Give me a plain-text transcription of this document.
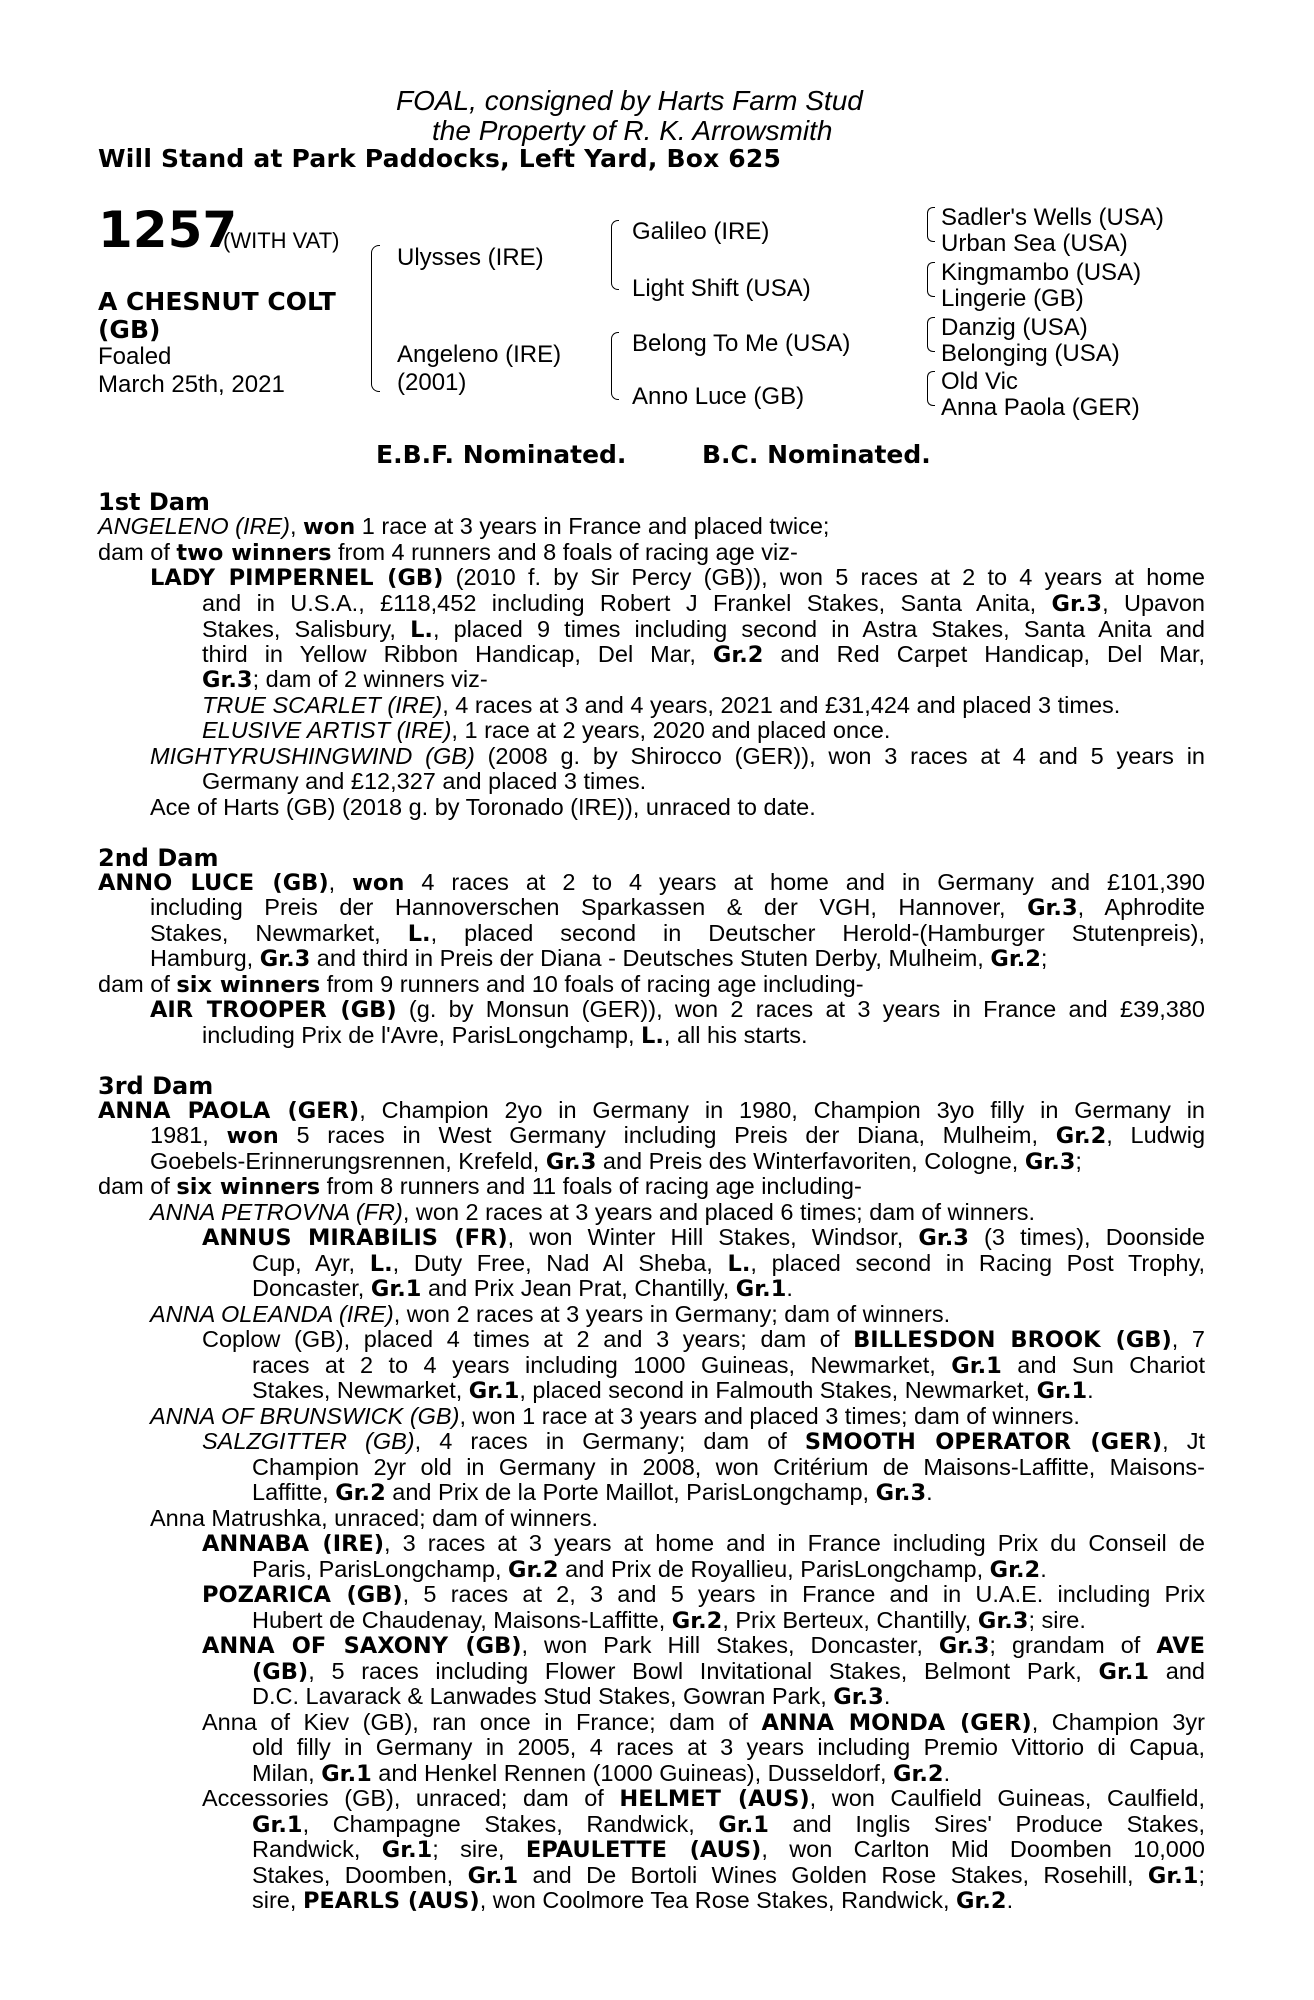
FOAL, consigned by Harts Farm Stud
the Property of R. K. Arrowsmith
Will Stand at Park Paddocks, Left Yard, Box 625
1257
(WITH VAT)
A CHESNUT COLT
(GB)
Foaled
March 25th, 2021
Ulysses (IRE)
Angeleno (IRE)
(2001)
Galileo (IRE)
Light Shift (USA)
Belong To Me (USA)
Anno Luce (GB)
Sadler's Wells (USA)
Urban Sea (USA)
Kingmambo (USA)
Lingerie (GB)
Danzig (USA)
Belonging (USA)
Old Vic
Anna Paola (GER)
E.B.F. Nominated.	B.C. Nominated.
1st Dam
ANGELENO (IRE), won 1 race at 3 years in France and placed twice;
dam of two winners from 4 runners and 8 foals of racing age viz-
LADY PIMPERNEL (GB) (2010 f. by Sir Percy (GB)), won 5 races at 2 to 4 years at home
and in U.S.A., £118,452 including Robert J Frankel Stakes, Santa Anita, Gr.3, Upavon
Stakes, Salisbury, L., placed 9 times including second in Astra Stakes, Santa Anita and
third in Yellow Ribbon Handicap, Del Mar, Gr.2 and Red Carpet Handicap, Del Mar,
Gr.3; dam of 2 winners viz-
TRUE SCARLET (IRE), 4 races at 3 and 4 years, 2021 and £31,424 and placed 3 times.
ELUSIVE ARTIST (IRE), 1 race at 2 years, 2020 and placed once.
MIGHTYRUSHINGWIND (GB) (2008 g. by Shirocco (GER)), won 3 races at 4 and 5 years in
Germany and £12,327 and placed 3 times.
Ace of Harts (GB) (2018 g. by Toronado (IRE)), unraced to date.
2nd Dam
ANNO LUCE (GB), won 4 races at 2 to 4 years at home and in Germany and £101,390
including Preis der Hannoverschen Sparkassen & der VGH, Hannover, Gr.3, Aphrodite
Stakes, Newmarket, L., placed second in Deutscher Herold-(Hamburger Stutenpreis),
Hamburg, Gr.3 and third in Preis der Diana - Deutsches Stuten Derby, Mulheim, Gr.2;
dam of six winners from 9 runners and 10 foals of racing age including-
AIR TROOPER (GB) (g. by Monsun (GER)), won 2 races at 3 years in France and £39,380
including Prix de l'Avre, ParisLongchamp, L., all his starts.
3rd Dam
ANNA PAOLA (GER), Champion 2yo in Germany in 1980, Champion 3yo filly in Germany in
1981, won 5 races in West Germany including Preis der Diana, Mulheim, Gr.2, Ludwig
Goebels-Erinnerungsrennen, Krefeld, Gr.3 and Preis des Winterfavoriten, Cologne, Gr.3;
dam of six winners from 8 runners and 11 foals of racing age including-
ANNA PETROVNA (FR), won 2 races at 3 years and placed 6 times; dam of winners.
ANNUS MIRABILIS (FR), won Winter Hill Stakes, Windsor, Gr.3 (3 times), Doonside
Cup, Ayr, L., Duty Free, Nad Al Sheba, L., placed second in Racing Post Trophy,
Doncaster, Gr.1 and Prix Jean Prat, Chantilly, Gr.1.
ANNA OLEANDA (IRE), won 2 races at 3 years in Germany; dam of winners.
Coplow (GB), placed 4 times at 2 and 3 years; dam of BILLESDON BROOK (GB), 7
races at 2 to 4 years including 1000 Guineas, Newmarket, Gr.1 and Sun Chariot
Stakes, Newmarket, Gr.1, placed second in Falmouth Stakes, Newmarket, Gr.1.
ANNA OF BRUNSWICK (GB), won 1 race at 3 years and placed 3 times; dam of winners.
SALZGITTER (GB), 4 races in Germany; dam of SMOOTH OPERATOR (GER), Jt
Champion 2yr old in Germany in 2008, won Critérium de Maisons-Laffitte, Maisons-
Laffitte, Gr.2 and Prix de la Porte Maillot, ParisLongchamp, Gr.3.
Anna Matrushka, unraced; dam of winners.
ANNABA (IRE), 3 races at 3 years at home and in France including Prix du Conseil de
Paris, ParisLongchamp, Gr.2 and Prix de Royallieu, ParisLongchamp, Gr.2.
POZARICA (GB), 5 races at 2, 3 and 5 years in France and in U.A.E. including Prix
Hubert de Chaudenay, Maisons-Laffitte, Gr.2, Prix Berteux, Chantilly, Gr.3; sire.
ANNA OF SAXONY (GB), won Park Hill Stakes, Doncaster, Gr.3; grandam of AVE
(GB), 5 races including Flower Bowl Invitational Stakes, Belmont Park, Gr.1 and
D.C. Lavarack & Lanwades Stud Stakes, Gowran Park, Gr.3.
Anna of Kiev (GB), ran once in France; dam of ANNA MONDA (GER), Champion 3yr
old filly in Germany in 2005, 4 races at 3 years including Premio Vittorio di Capua,
Milan, Gr.1 and Henkel Rennen (1000 Guineas), Dusseldorf, Gr.2.
Accessories (GB), unraced; dam of HELMET (AUS), won Caulfield Guineas, Caulfield,
Gr.1, Champagne Stakes, Randwick, Gr.1 and Inglis Sires' Produce Stakes,
Randwick, Gr.1; sire, EPAULETTE (AUS), won Carlton Mid Doomben 10,000
Stakes, Doomben, Gr.1 and De Bortoli Wines Golden Rose Stakes, Rosehill, Gr.1;
sire, PEARLS (AUS), won Coolmore Tea Rose Stakes, Randwick, Gr.2.
